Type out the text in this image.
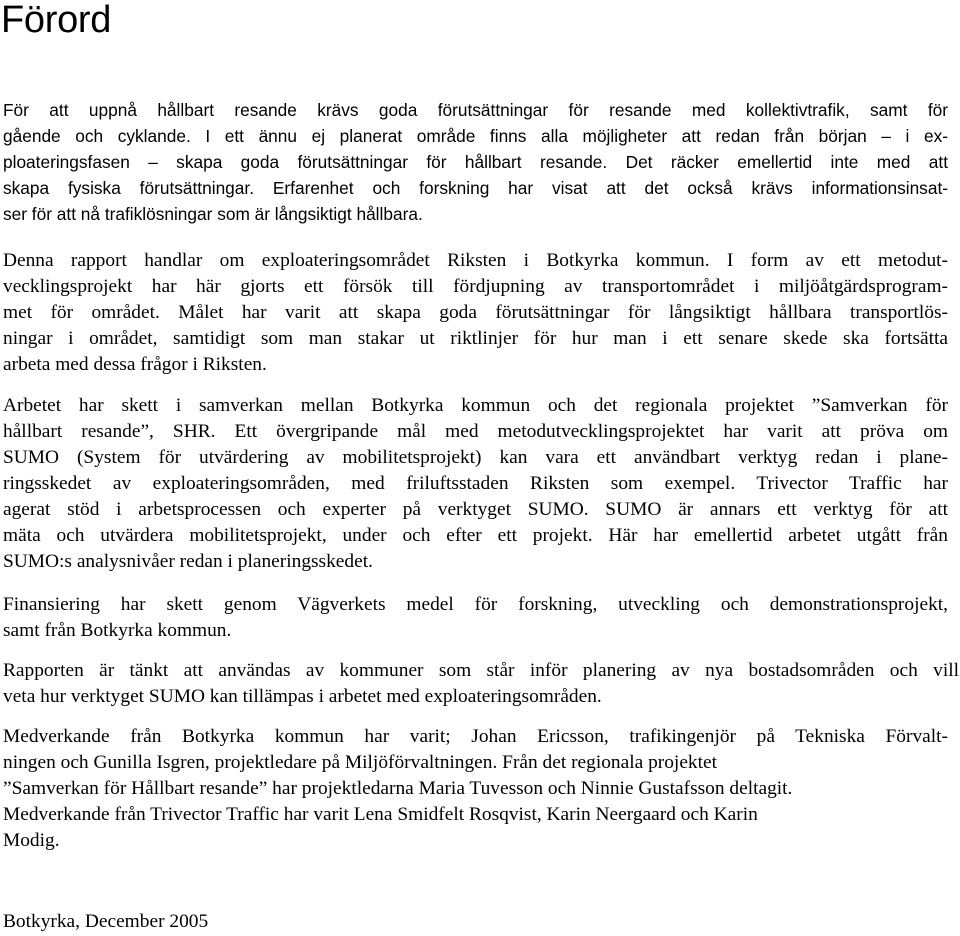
Förord

För att uppnå hållbart resande krävs goda förutsättningar för resande med kollektivtrafik, samt för
gående och cyklande. I ett ännu ej planerat område finns alla möjligheter att redan från början – i ex-
ploateringsfasen – skapa goda förutsättningar för hållbart resande. Det räcker emellertid inte med att
skapa fysiska förutsättningar. Erfarenhet och forskning har visat att det också krävs informationsinsat-
ser för att nå trafiklösningar som är långsiktigt hållbara.

Denna rapport handlar om exploateringsområdet Riksten i Botkyrka kommun. I form av ett metodut-
vecklingsprojekt har här gjorts ett försök till fördjupning av transportområdet i miljöåtgärdsprogram-
met för området. Målet har varit att skapa goda förutsättningar för långsiktigt hållbara transportlös-
ningar i området, samtidigt som man stakar ut riktlinjer för hur man i ett senare skede ska fortsätta
arbeta med dessa frågor i Riksten.

Arbetet har skett i samverkan mellan Botkyrka kommun och det regionala projektet ”Samverkan för
hållbart resande”, SHR. Ett övergripande mål med metodutvecklingsprojektet har varit att pröva om
SUMO (System för utvärdering av mobilitetsprojekt) kan vara ett användbart verktyg redan i plane-
ringsskedet av exploateringsområden, med friluftsstaden Riksten som exempel. Trivector Traffic har
agerat stöd i arbetsprocessen och experter på verktyget SUMO. SUMO är annars ett verktyg för att
mäta och utvärdera mobilitetsprojekt, under och efter ett projekt. Här har emellertid arbetet utgått från
SUMO:s analysnivåer redan i planeringsskedet.

Finansiering har skett genom Vägverkets medel för forskning, utveckling och demonstrationsprojekt,
samt från Botkyrka kommun.

Rapporten är tänkt att användas av kommuner som står inför planering av nya bostadsområden och vill
veta hur verktyget SUMO kan tillämpas i arbetet med exploateringsområden.

Medverkande från Botkyrka kommun har varit; Johan Ericsson, trafikingenjör på Tekniska Förvalt-
ningen och Gunilla Isgren, projektledare på Miljöförvaltningen. Från det regionala projektet
”Samverkan för Hållbart resande” har projektledarna Maria Tuvesson och Ninnie Gustafsson deltagit.
Medverkande från Trivector Traffic har varit Lena Smidfelt Rosqvist, Karin Neergaard och Karin
Modig.

Botkyrka, December 2005
